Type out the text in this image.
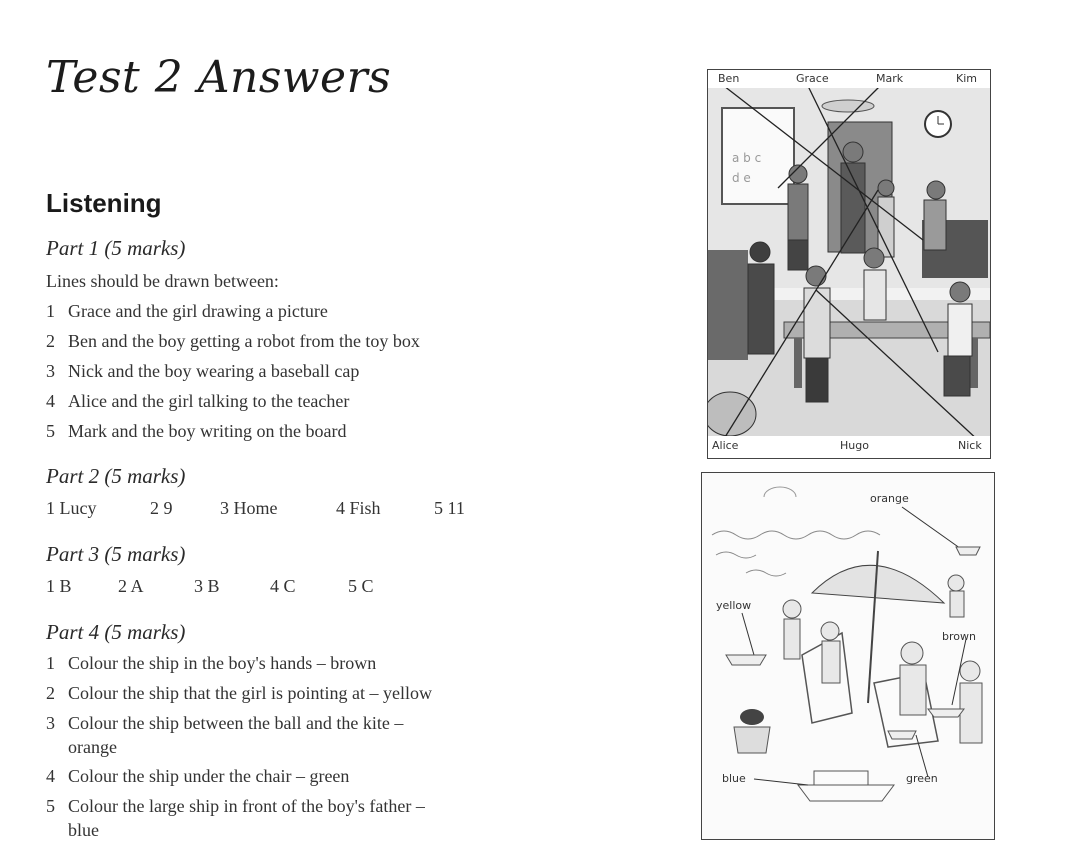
Test 2 Answers
Listening
Part 1 (5 marks)
Lines should be drawn between:
1 Grace and the girl drawing a picture
2 Ben and the boy getting a robot from the toy box
3 Nick and the boy wearing a baseball cap
4 Alice and the girl talking to the teacher
5 Mark and the boy writing on the board
Part 2 (5 marks)
1 Lucy	2 9	3 Home	4 Fish	5 11
Part 3 (5 marks)
1 B	2 A	3 B	4 C	5 C
Part 4 (5 marks)
1 Colour the ship in the boy's hands – brown
2 Colour the ship that the girl is pointing at – yellow
3 Colour the ship between the ball and the kite –
orange
4 Colour the ship under the chair – green
5 Colour the large ship in front of the boy's father –
blue
a b c
d e
Ben	Grace	Mark	Kim
Alice	Hugo	Nick
orange
yellow
brown
blue	green
